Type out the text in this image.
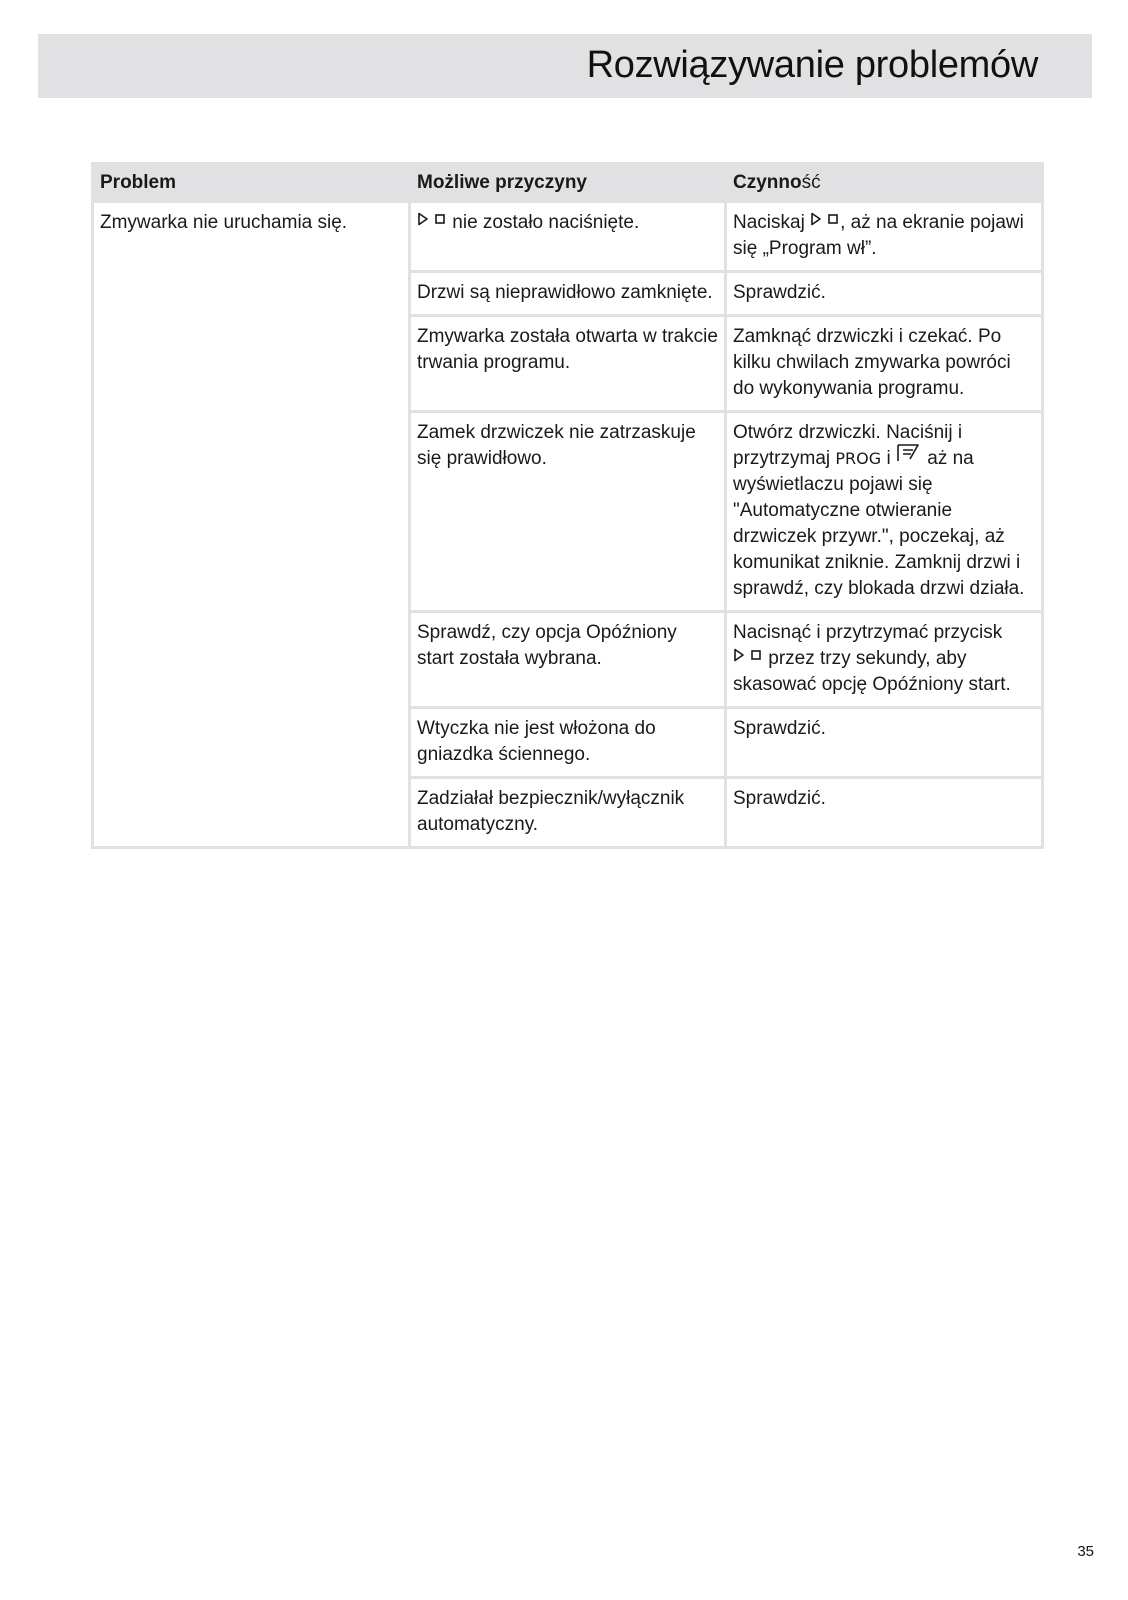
Rozwiązywanie problemów
Problem	Możliwe przyczyny	Czynność
Zmywarka nie uruchamia się.	nie zostało naciśnięte.	Naciskaj , aż na ekranie pojawi się „Program wł”.
	Drzwi są nieprawidłowo zamknięte.	Sprawdzić.
	Zmywarka została otwarta w trakcie trwania programu.	Zamknąć drzwiczki i czekać. Po kilku chwilach zmywarka powróci do wykonywania programu.
	Zamek drzwiczek nie zatrzaskuje się prawidłowo.	Otwórz drzwiczki. Naciśnij i przytrzymaj PROG i aż na wyświetlaczu pojawi się "Automatyczne otwieranie drzwiczek przywr.", poczekaj, aż komunikat zniknie. Zamknij drzwi i sprawdź, czy blokada drzwi działa.
	Sprawdź, czy opcja Opóźniony start została wybrana.	Nacisnąć i przytrzymać przycisk  przez trzy sekundy, aby skasować opcję Opóźniony start.
	Wtyczka nie jest włożona do gniazdka ściennego.	Sprawdzić.
	Zadziałał bezpiecznik/wyłącznik automatyczny.	Sprawdzić.
35
